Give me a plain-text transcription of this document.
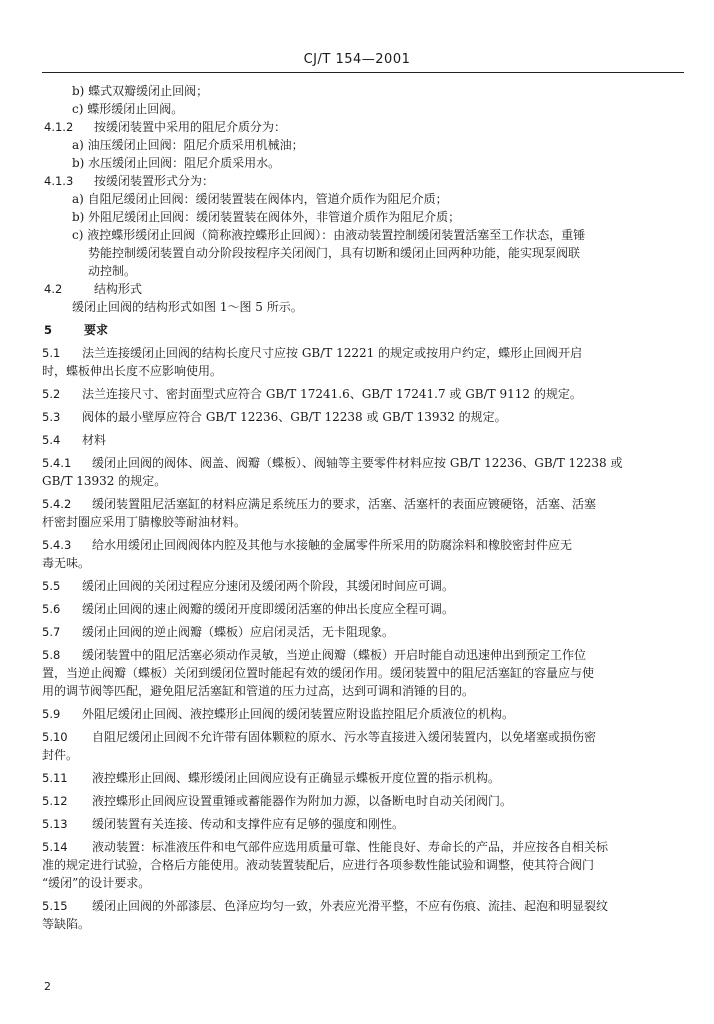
CJ/T 154—2001
b) 蝶式双瓣缓闭止回阀；
c) 蝶形缓闭止回阀。
4.1.2 按缓闭装置中采用的阻尼介质分为：
a) 油压缓闭止回阀：阻尼介质采用机械油；
b) 水压缓闭止回阀：阻尼介质采用水。
4.1.3 按缓闭装置形式分为：
a) 自阻尼缓闭止回阀：缓闭装置装在阀体内，管道介质作为阻尼介质；
b) 外阻尼缓闭止回阀：缓闭装置装在阀体外，非管道介质作为阻尼介质；
c) 液控蝶形缓闭止回阀（简称液控蝶形止回阀）：由液动装置控制缓闭装置活塞至工作状态，重锤
势能控制缓闭装置自动分阶段按程序关闭阀门，具有切断和缓闭止回两种功能，能实现泵阀联
动控制。
4.2	结构形式
缓闭止回阀的结构形式如图 1～图 5 所示。
5	要求
5.1 法兰连接缓闭止回阀的结构长度尺寸应按 GB/T 12221 的规定或按用户约定，蝶形止回阀开启
时，蝶板伸出长度不应影响使用。
5.2 法兰连接尺寸、密封面型式应符合 GB/T 17241.6、GB/T 17241.7 或 GB/T 9112 的规定。
5.3 阀体的最小壁厚应符合 GB/T 12236、GB/T 12238 或 GB/T 13932 的规定。
5.4 材料
5.4.1 缓闭止回阀的阀体、阀盖、阀瓣（蝶板）、阀轴等主要零件材料应按 GB/T 12236、GB/T 12238 或
GB/T 13932 的规定。
5.4.2 缓闭装置阻尼活塞缸的材料应满足系统压力的要求，活塞、活塞杆的表面应镀硬铬，活塞、活塞
杆密封圈应采用丁腈橡胶等耐油材料。
5.4.3 给水用缓闭止回阀阀体内腔及其他与水接触的金属零件所采用的防腐涂料和橡胶密封件应无
毒无味。
5.5 缓闭止回阀的关闭过程应分速闭及缓闭两个阶段，其缓闭时间应可调。
5.6 缓闭止回阀的速止阀瓣的缓闭开度即缓闭活塞的伸出长度应全程可调。
5.7 缓闭止回阀的逆止阀瓣（蝶板）应启闭灵活，无卡阻现象。
5.8 缓闭装置中的阻尼活塞必须动作灵敏，当逆止阀瓣（蝶板）开启时能自动迅速伸出到预定工作位
置，当逆止阀瓣（蝶板）关闭到缓闭位置时能起有效的缓闭作用。缓闭装置中的阻尼活塞缸的容量应与使
用的调节阀等匹配，避免阻尼活塞缸和管道的压力过高，达到可调和消锤的目的。
5.9 外阻尼缓闭止回阀、液控蝶形止回阀的缓闭装置应附设监控阻尼介质液位的机构。
5.10 自阻尼缓闭止回阀不允许带有固体颗粒的原水、污水等直接进入缓闭装置内，以免堵塞或损伤密
封件。
5.11 液控蝶形止回阀、蝶形缓闭止回阀应设有正确显示蝶板开度位置的指示机构。
5.12 液控蝶形止回阀应设置重锤或蓄能器作为附加力源，以备断电时自动关闭阀门。
5.13 缓闭装置有关连接、传动和支撑件应有足够的强度和刚性。
5.14 液动装置：标准液压件和电气部件应选用质量可靠、性能良好、寿命长的产品，并应按各自相关标
准的规定进行试验，合格后方能使用。液动装置装配后，应进行各项参数性能试验和调整，使其符合阀门
“缓闭”的设计要求。
5.15 缓闭止回阀的外部漆层、色泽应均匀一致，外表应光滑平整，不应有伤痕、流挂、起泡和明显裂纹
等缺陷。
2
